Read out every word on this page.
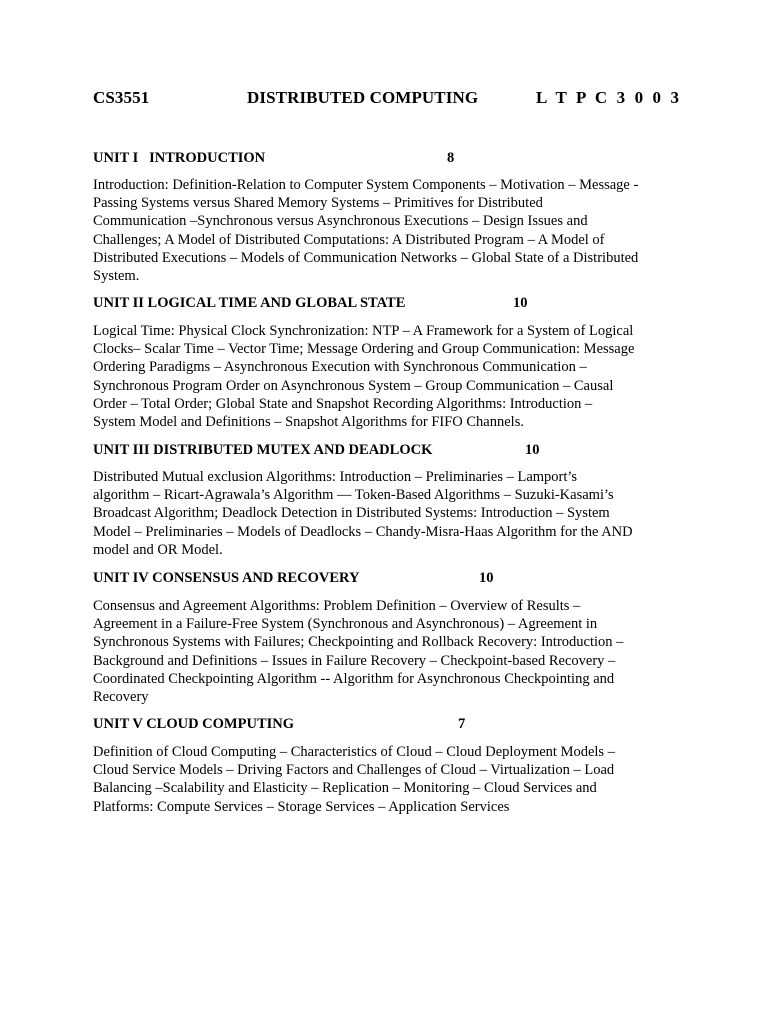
CS3551	DISTRIBUTED COMPUTING	L T P C 3 0 0 3
UNIT I   INTRODUCTION	8
Introduction: Definition-Relation to Computer System Components – Motivation – Message -
Passing Systems versus Shared Memory Systems – Primitives for Distributed
Communication –Synchronous versus Asynchronous Executions – Design Issues and
Challenges; A Model of Distributed Computations: A Distributed Program – A Model of
Distributed Executions – Models of Communication Networks – Global State of a Distributed
System.
UNIT II LOGICAL TIME AND GLOBAL STATE	10
Logical Time: Physical Clock Synchronization: NTP – A Framework for a System of Logical
Clocks– Scalar Time – Vector Time; Message Ordering and Group Communication: Message
Ordering Paradigms – Asynchronous Execution with Synchronous Communication –
Synchronous Program Order on Asynchronous System – Group Communication – Causal
Order – Total Order; Global State and Snapshot Recording Algorithms: Introduction –
System Model and Definitions – Snapshot Algorithms for FIFO Channels.
UNIT III DISTRIBUTED MUTEX AND DEADLOCK	10
Distributed Mutual exclusion Algorithms: Introduction – Preliminaries – Lamport’s
algorithm – Ricart-Agrawala’s Algorithm –– Token-Based Algorithms – Suzuki-Kasami’s
Broadcast Algorithm; Deadlock Detection in Distributed Systems: Introduction – System
Model – Preliminaries – Models of Deadlocks – Chandy-Misra-Haas Algorithm for the AND
model and OR Model.
UNIT IV CONSENSUS AND RECOVERY	10
Consensus and Agreement Algorithms: Problem Definition – Overview of Results –
Agreement in a Failure-Free System (Synchronous and Asynchronous) – Agreement in
Synchronous Systems with Failures; Checkpointing and Rollback Recovery: Introduction –
Background and Definitions – Issues in Failure Recovery – Checkpoint-based Recovery –
Coordinated Checkpointing Algorithm -- Algorithm for Asynchronous Checkpointing and
Recovery
UNIT V CLOUD COMPUTING	7
Definition of Cloud Computing – Characteristics of Cloud – Cloud Deployment Models –
Cloud Service Models – Driving Factors and Challenges of Cloud – Virtualization – Load
Balancing –Scalability and Elasticity – Replication – Monitoring – Cloud Services and
Platforms: Compute Services – Storage Services – Application Services
